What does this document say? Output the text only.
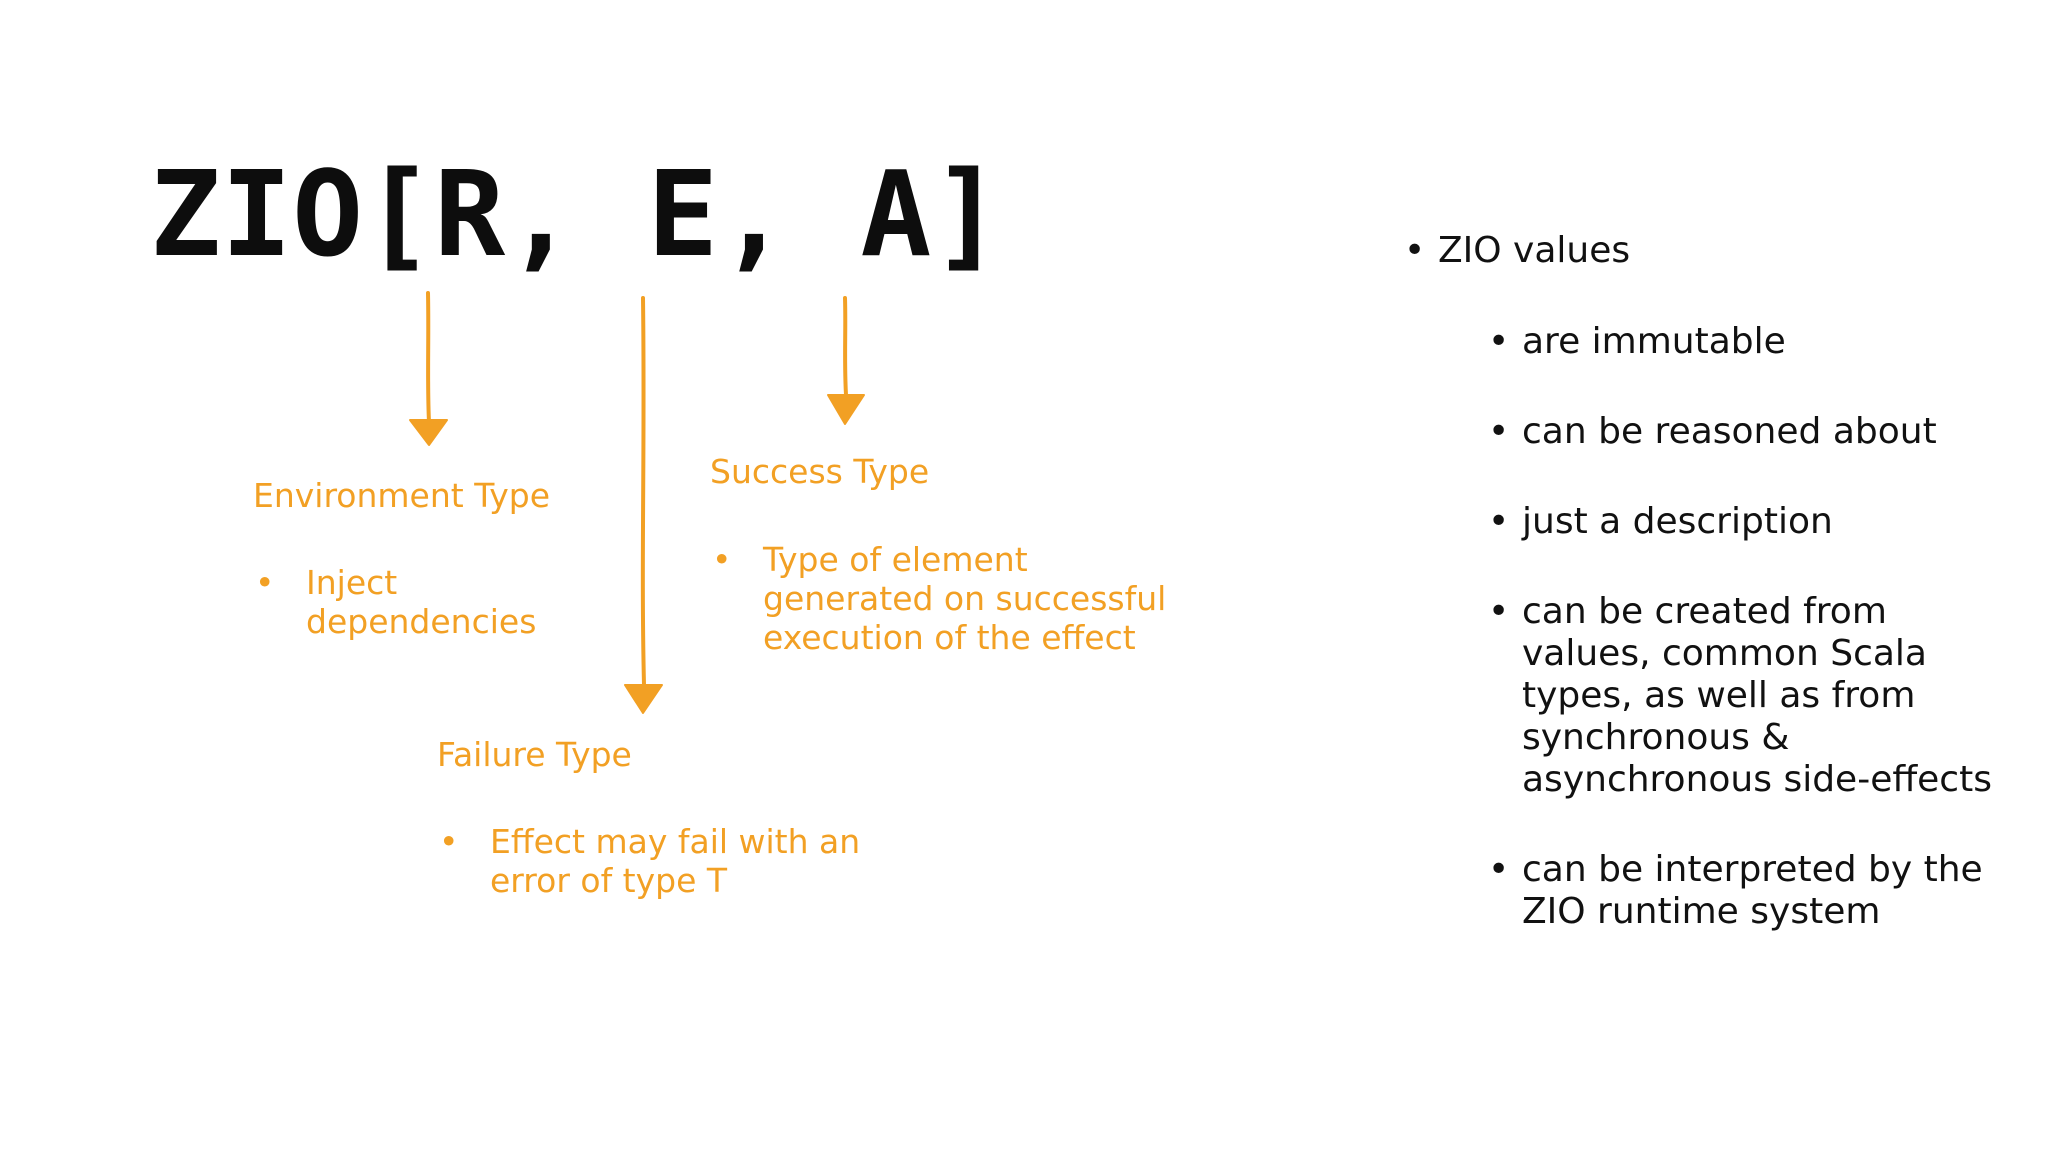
ZIO[R, E, A]
Environment Type
• Inject dependencies
Success Type
• Type of element generated on successful execution of the effect
Failure Type
• Effect may fail with an error of type T
• ZIO values
• are immutable
• can be reasoned about
• just a description
• can be created from values, common Scala types, as well as from synchronous & asynchronous side-effects
• can be interpreted by the ZIO runtime system
